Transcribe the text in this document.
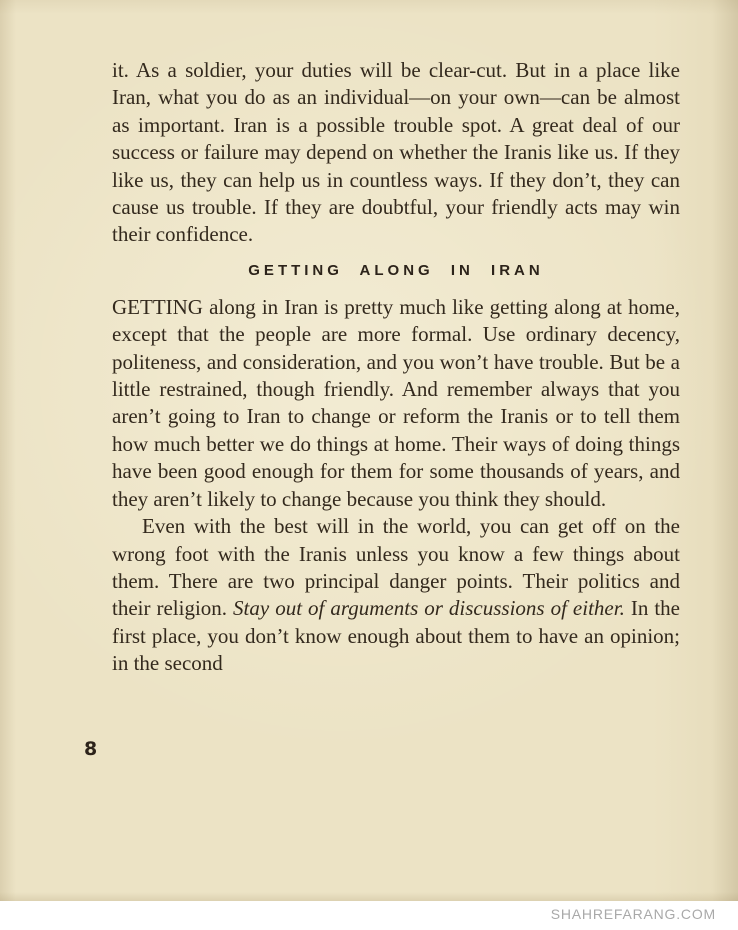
it. As a soldier, your duties will be clear-cut. But in a place like Iran, what you do as an individual—on your own—can be almost as important. Iran is a possible trouble spot. A great deal of our success or failure may depend on whether the Iranis like us. If they like us, they can help us in countless ways. If they don’t, they can cause us trouble. If they are doubtful, your friendly acts may win their confidence.

GETTING ALONG IN IRAN

GETTING along in Iran is pretty much like getting along at home, except that the people are more formal. Use ordinary decency, politeness, and consideration, and you won’t have trouble. But be a little restrained, though friendly. And remember always that you aren’t going to Iran to change or reform the Iranis or to tell them how much better we do things at home. Their ways of doing things have been good enough for them for some thousands of years, and they aren’t likely to change because you think they should.

Even with the best will in the world, you can get off on the wrong foot with the Iranis unless you know a few things about them. There are two principal danger points. Their politics and their religion. Stay out of arguments or discussions of either. In the first place, you don’t know enough about them to have an opinion; in the second

8
SHAHREFARANG.COM
